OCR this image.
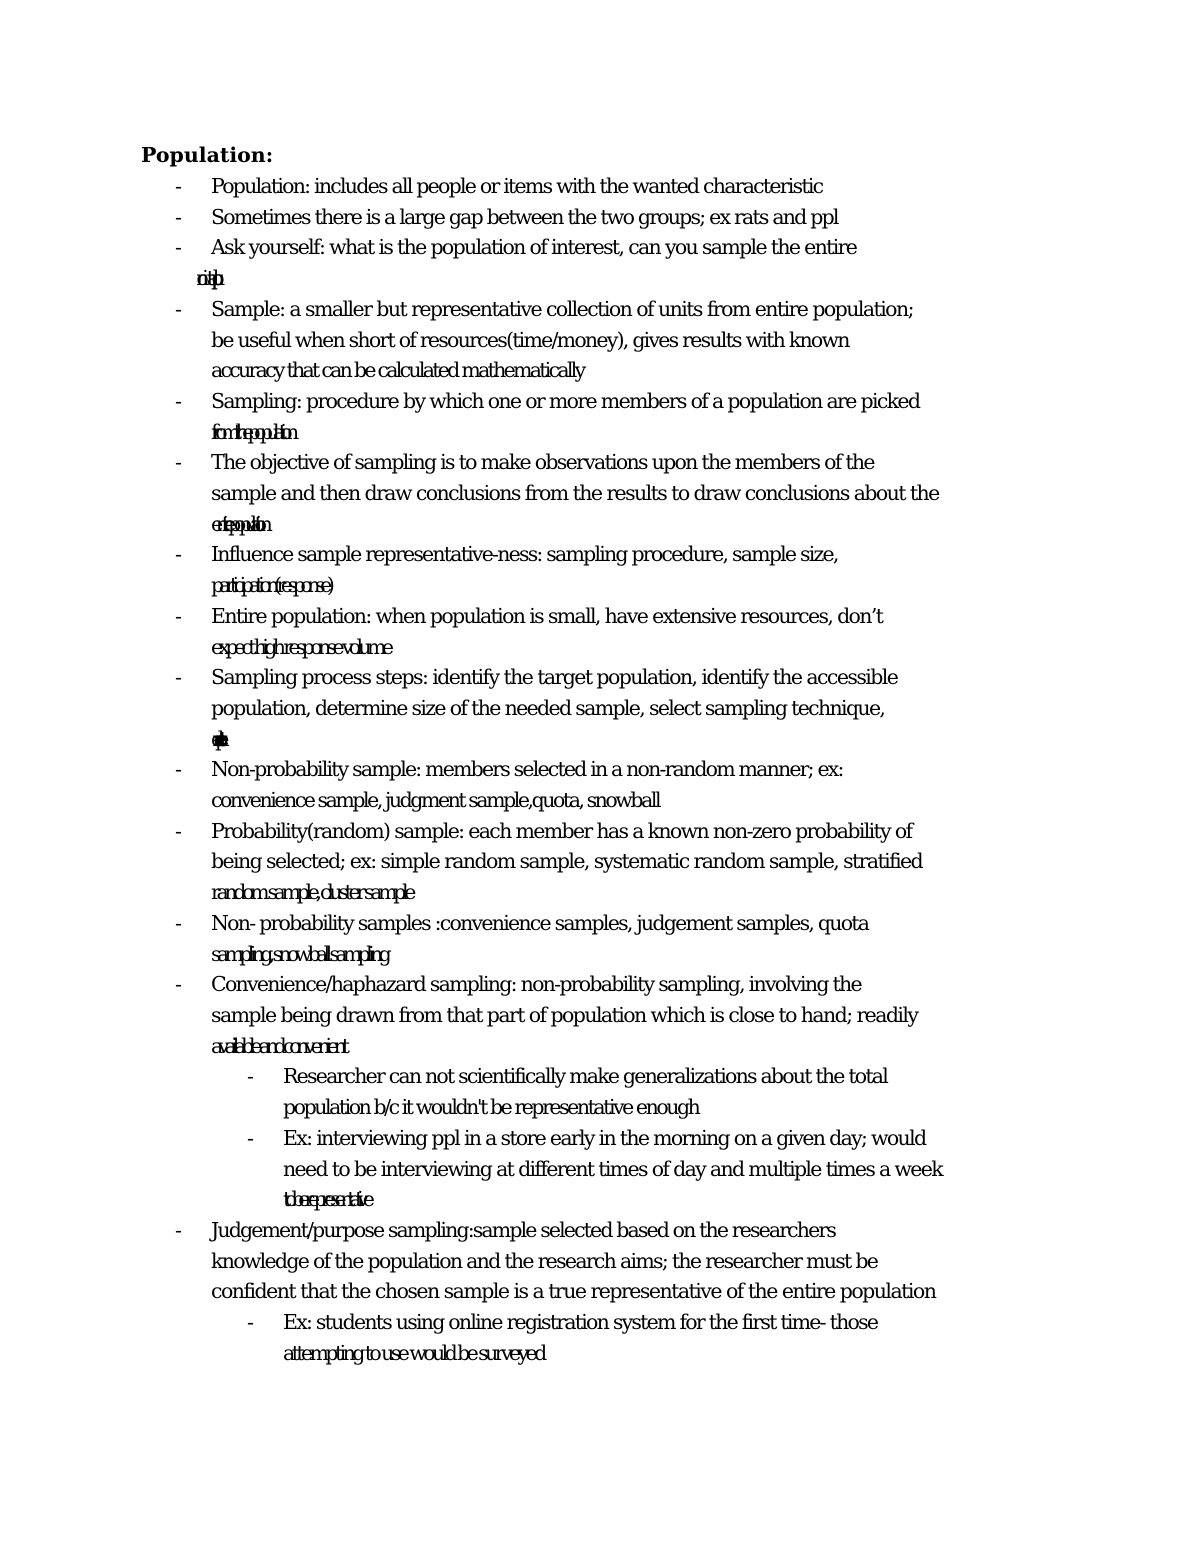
Population:
- Population: includes all people or items with the wanted characteristic
- Sometimes there is a large gap between the two groups; ex rats and ppl
- Ask yourself: what is the population of interest, can you sample the entire
- Sample: a smaller but representative collection of units from entire population;
be useful when short of resources(time/money), gives results with known
accuracy that can be calculated mathematically
- Sampling: procedure by which one or more members of a population are picked
from the population
- The objective of sampling is to make observations upon the members of the
sample and then draw conclusions from the results to draw conclusions about the
entire population
- Influence sample representative-ness: sampling procedure, sample size,
participation(response)
- Entire population: when population is small, have extensive resources, don’t
expect high response volume
- Sampling process steps: identify the target population, identify the accessible
population, determine size of the needed sample, select sampling technique,
execute plan
- Non-probability sample: members selected in a non-random manner; ex:
convenience sample, judgment sample,quota, snowball
- Probability(random) sample: each member has a known non-zero probability of
being selected; ex: simple random sample, systematic random sample, stratified
random sample, cluster sample
- Non- probability samples :convenience samples, judgement samples, quota
sampling, snowball sampling
- Convenience/haphazard sampling: non-probability sampling, involving the
sample being drawn from that part of population which is close to hand; readily
available and convenient
- Researcher can not scientifically make generalizations about the total
population b/c it wouldn't be representative enough
- Ex: interviewing ppl in a store early in the morning on a given day; would
need to be interviewing at different times of day and multiple times a week
to be representative
- Judgement/purpose sampling:sample selected based on the researchers
knowledge of the population and the research aims; the researcher must be
confident that the chosen sample is a true representative of the entire population
- Ex: students using online registration system for the first time- those
attempting to use would be surveyed
